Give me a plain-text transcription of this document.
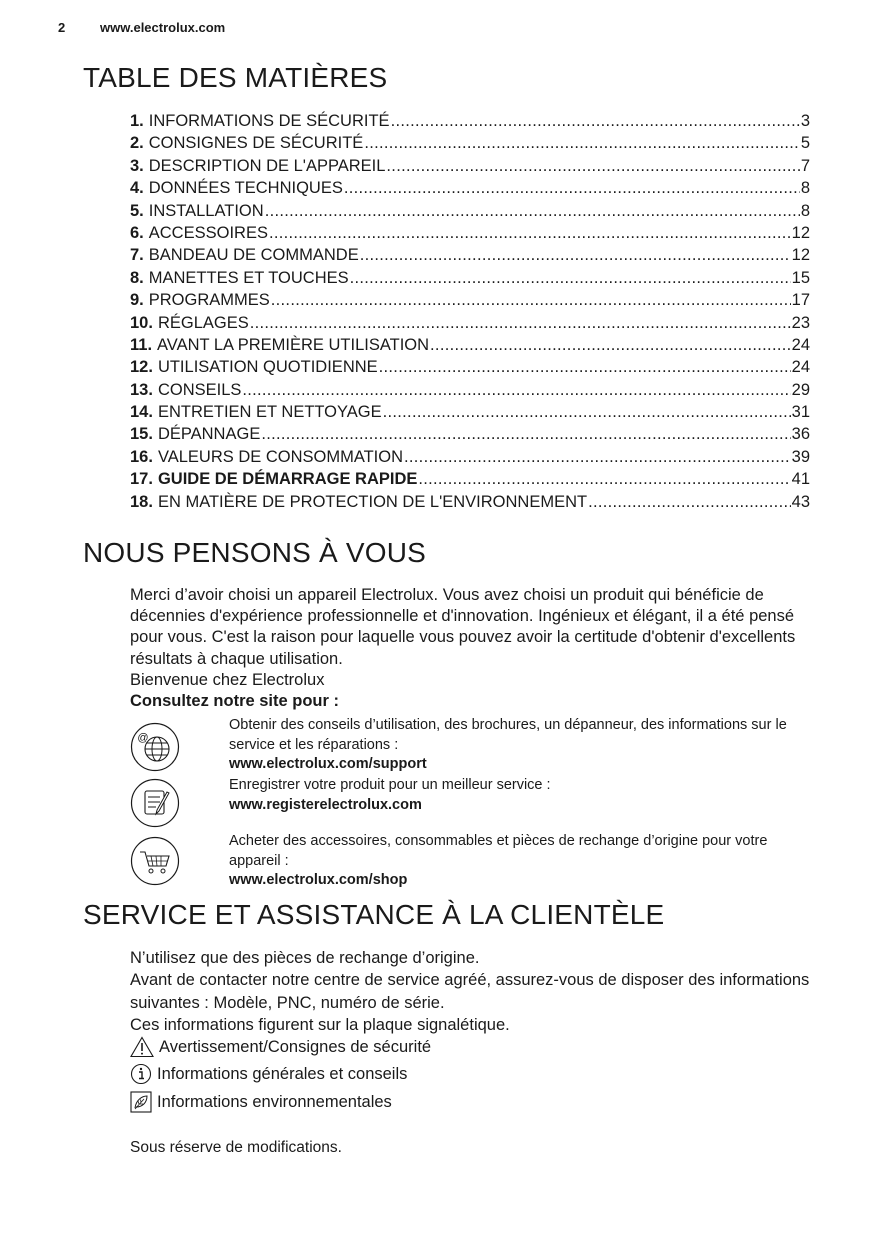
2	www.electrolux.com
TABLE DES MATIÈRES
1. INFORMATIONS DE SÉCURITÉ .....	3
2. CONSIGNES DE SÉCURITÉ .....	5
3. DESCRIPTION DE L'APPAREIL .....	7
4. DONNÉES TECHNIQUES .....	8
5. INSTALLATION .....	8
6. ACCESSOIRES .....	12
7. BANDEAU DE COMMANDE .....	12
8. MANETTES ET TOUCHES .....	15
9. PROGRAMMES .....	17
10. RÉGLAGES .....	23
11. AVANT LA PREMIÈRE UTILISATION .....	24
12. UTILISATION QUOTIDIENNE .....	24
13. CONSEILS .....	29
14. ENTRETIEN ET NETTOYAGE .....	31
15. DÉPANNAGE .....	36
16. VALEURS DE CONSOMMATION .....	39
17. GUIDE DE DÉMARRAGE RAPIDE .....	41
18. EN MATIÈRE DE PROTECTION DE L'ENVIRONNEMENT .....	43
NOUS PENSONS À VOUS

Merci d’avoir choisi un appareil Electrolux. Vous avez choisi un produit qui bénéficie de décennies d'expérience professionnelle et d'innovation. Ingénieux et élégant, il a été pensé pour vous. C'est la raison pour laquelle vous pouvez avoir la certitude d'obtenir d'excellents résultats à chaque utilisation.

Bienvenue chez Electrolux

Consultez notre site pour :

@
Obtenir des conseils d’utilisation, des brochures, un dépanneur, des informations sur le service et les réparations :
www.electrolux.com/support
Enregistrer votre produit pour un meilleur service :
www.registerelectrolux.com
Acheter des accessoires, consommables et pièces de rechange d’origine pour votre appareil :
www.electrolux.com/shop
SERVICE ET ASSISTANCE À LA CLIENTÈLE

N’utilisez que des pièces de rechange d’origine.

Avant de contacter notre centre de service agréé, assurez-vous de disposer des informations suivantes : Modèle, PNC, numéro de série.

Ces informations figurent sur la plaque signalétique.

Avertissement/Consignes de sécurité
Informations générales et conseils
Informations environnementales
Sous réserve de modifications.
